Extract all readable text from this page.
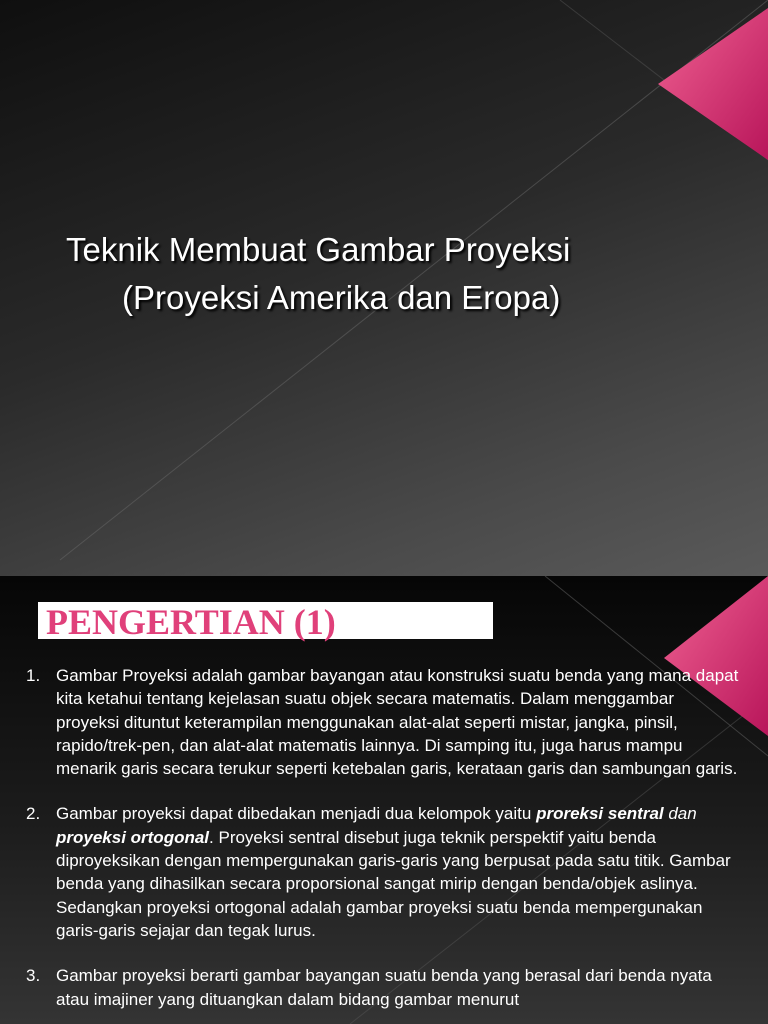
Teknik Membuat Gambar Proyeksi
(Proyeksi Amerika dan Eropa)
PENGERTIAN (1)
1. Gambar Proyeksi adalah gambar bayangan atau konstruksi suatu benda yang mana dapat kita ketahui tentang kejelasan suatu objek secara matematis. Dalam menggambar proyeksi dituntut keterampilan menggunakan alat-alat seperti mistar, jangka, pinsil, rapido/trek-pen, dan alat-alat matematis lainnya. Di samping itu, juga harus mampu menarik garis secara terukur seperti ketebalan garis, kerataan garis dan sambungan garis.
2. Gambar proyeksi dapat dibedakan menjadi dua kelompok yaitu proreksi sentral dan proyeksi ortogonal. Proyeksi sentral disebut juga teknik perspektif yaitu benda diproyeksikan dengan mempergunakan garis-garis yang berpusat pada satu titik. Gambar benda yang dihasilkan secara proporsional sangat mirip dengan benda/objek aslinya. Sedangkan proyeksi ortogonal adalah gambar proyeksi suatu benda mempergunakan garis-garis sejajar dan tegak lurus.
3. Gambar proyeksi berarti gambar bayangan suatu benda yang berasal dari benda nyata atau imajiner yang dituangkan dalam bidang gambar menurut
